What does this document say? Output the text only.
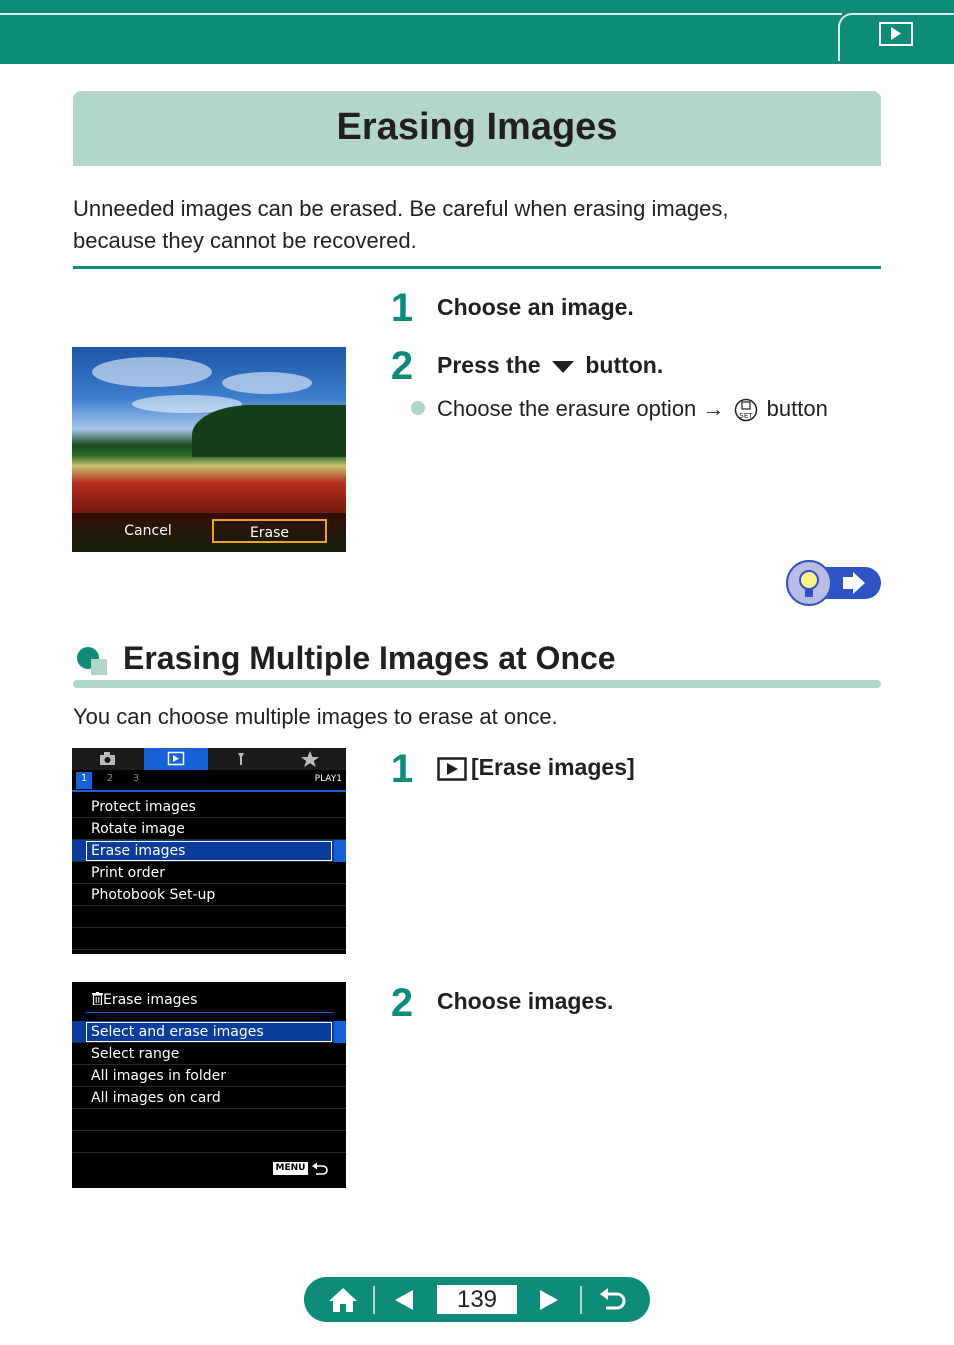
Erasing Images
Unneeded images can be erased. Be careful when erasing images,
because they cannot be recovered.
1	Choose an image.
2	Press the button.
Choose the erasure option → SET button
Cancel	Erase
Erasing Multiple Images at Once
You can choose multiple images to erase at once.
1	[Erase images]
2	Choose images.
1	2	3	PLAY1
Protect images
Rotate image
Erase images
Print order
Photobook Set-up
Erase images
Select and erase images
Select range
All images in folder
All images on card
MENU
139
